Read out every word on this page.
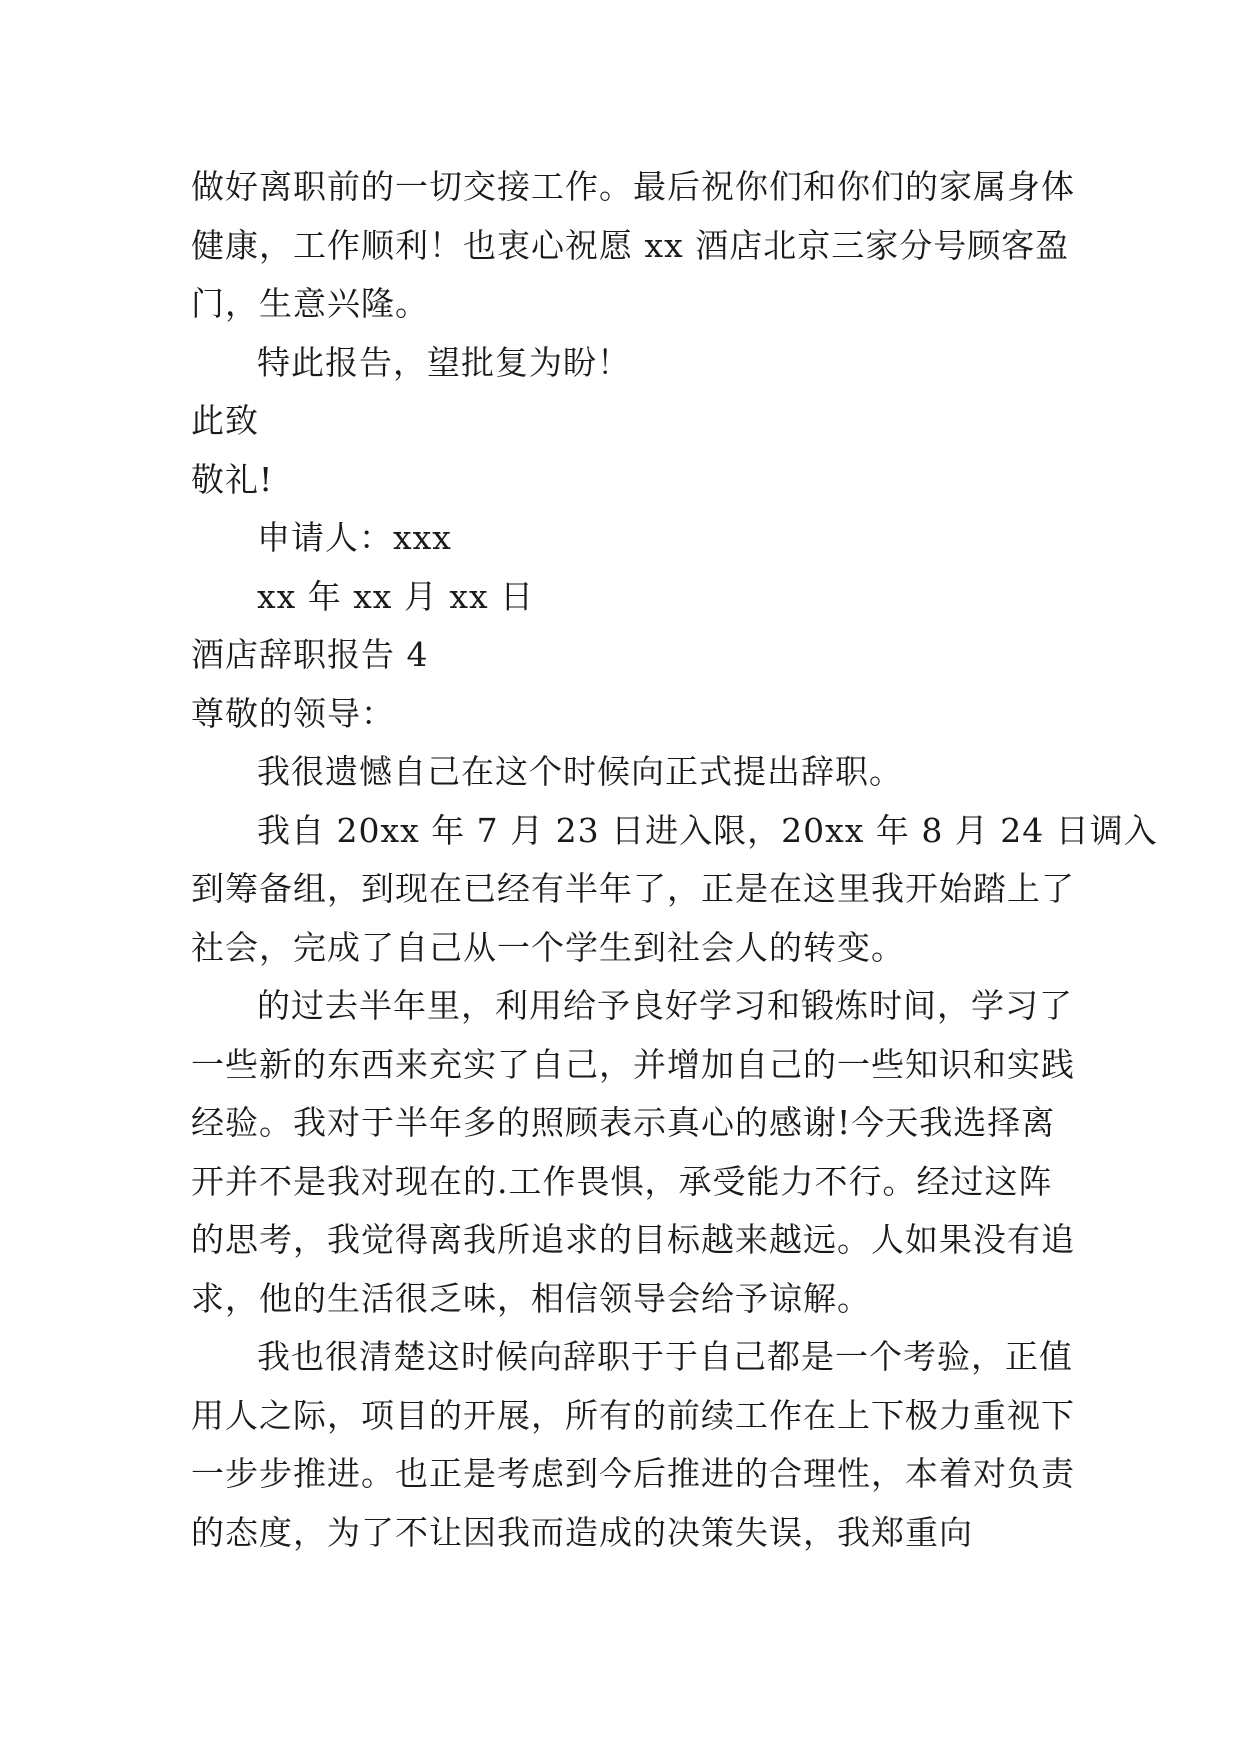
做好离职前的一切交接工作。最后祝你们和你们的家属身体
健康，工作顺利！也衷心祝愿 xx 酒店北京三家分号顾客盈
门，生意兴隆。
特此报告，望批复为盼！
此致
敬礼!
申请人：xxx
xx 年 xx 月 xx 日
酒店辞职报告 4
尊敬的领导：
我很遗憾自己在这个时候向正式提出辞职。
我自 20xx 年 7 月 23 日进入限，20xx 年 8 月 24 日调入
到筹备组，到现在已经有半年了，正是在这里我开始踏上了
社会，完成了自己从一个学生到社会人的转变。
的过去半年里，利用给予良好学习和锻炼时间，学习了
一些新的东西来充实了自己，并增加自己的一些知识和实践
经验。我对于半年多的照顾表示真心的感谢!今天我选择离
开并不是我对现在的.工作畏惧，承受能力不行。经过这阵
的思考，我觉得离我所追求的目标越来越远。人如果没有追
求，他的生活很乏味，相信领导会给予谅解。
我也很清楚这时候向辞职于于自己都是一个考验，正值
用人之际，项目的开展，所有的前续工作在上下极力重视下
一步步推进。也正是考虑到今后推进的合理性，本着对负责
的态度，为了不让因我而造成的决策失误，我郑重向
